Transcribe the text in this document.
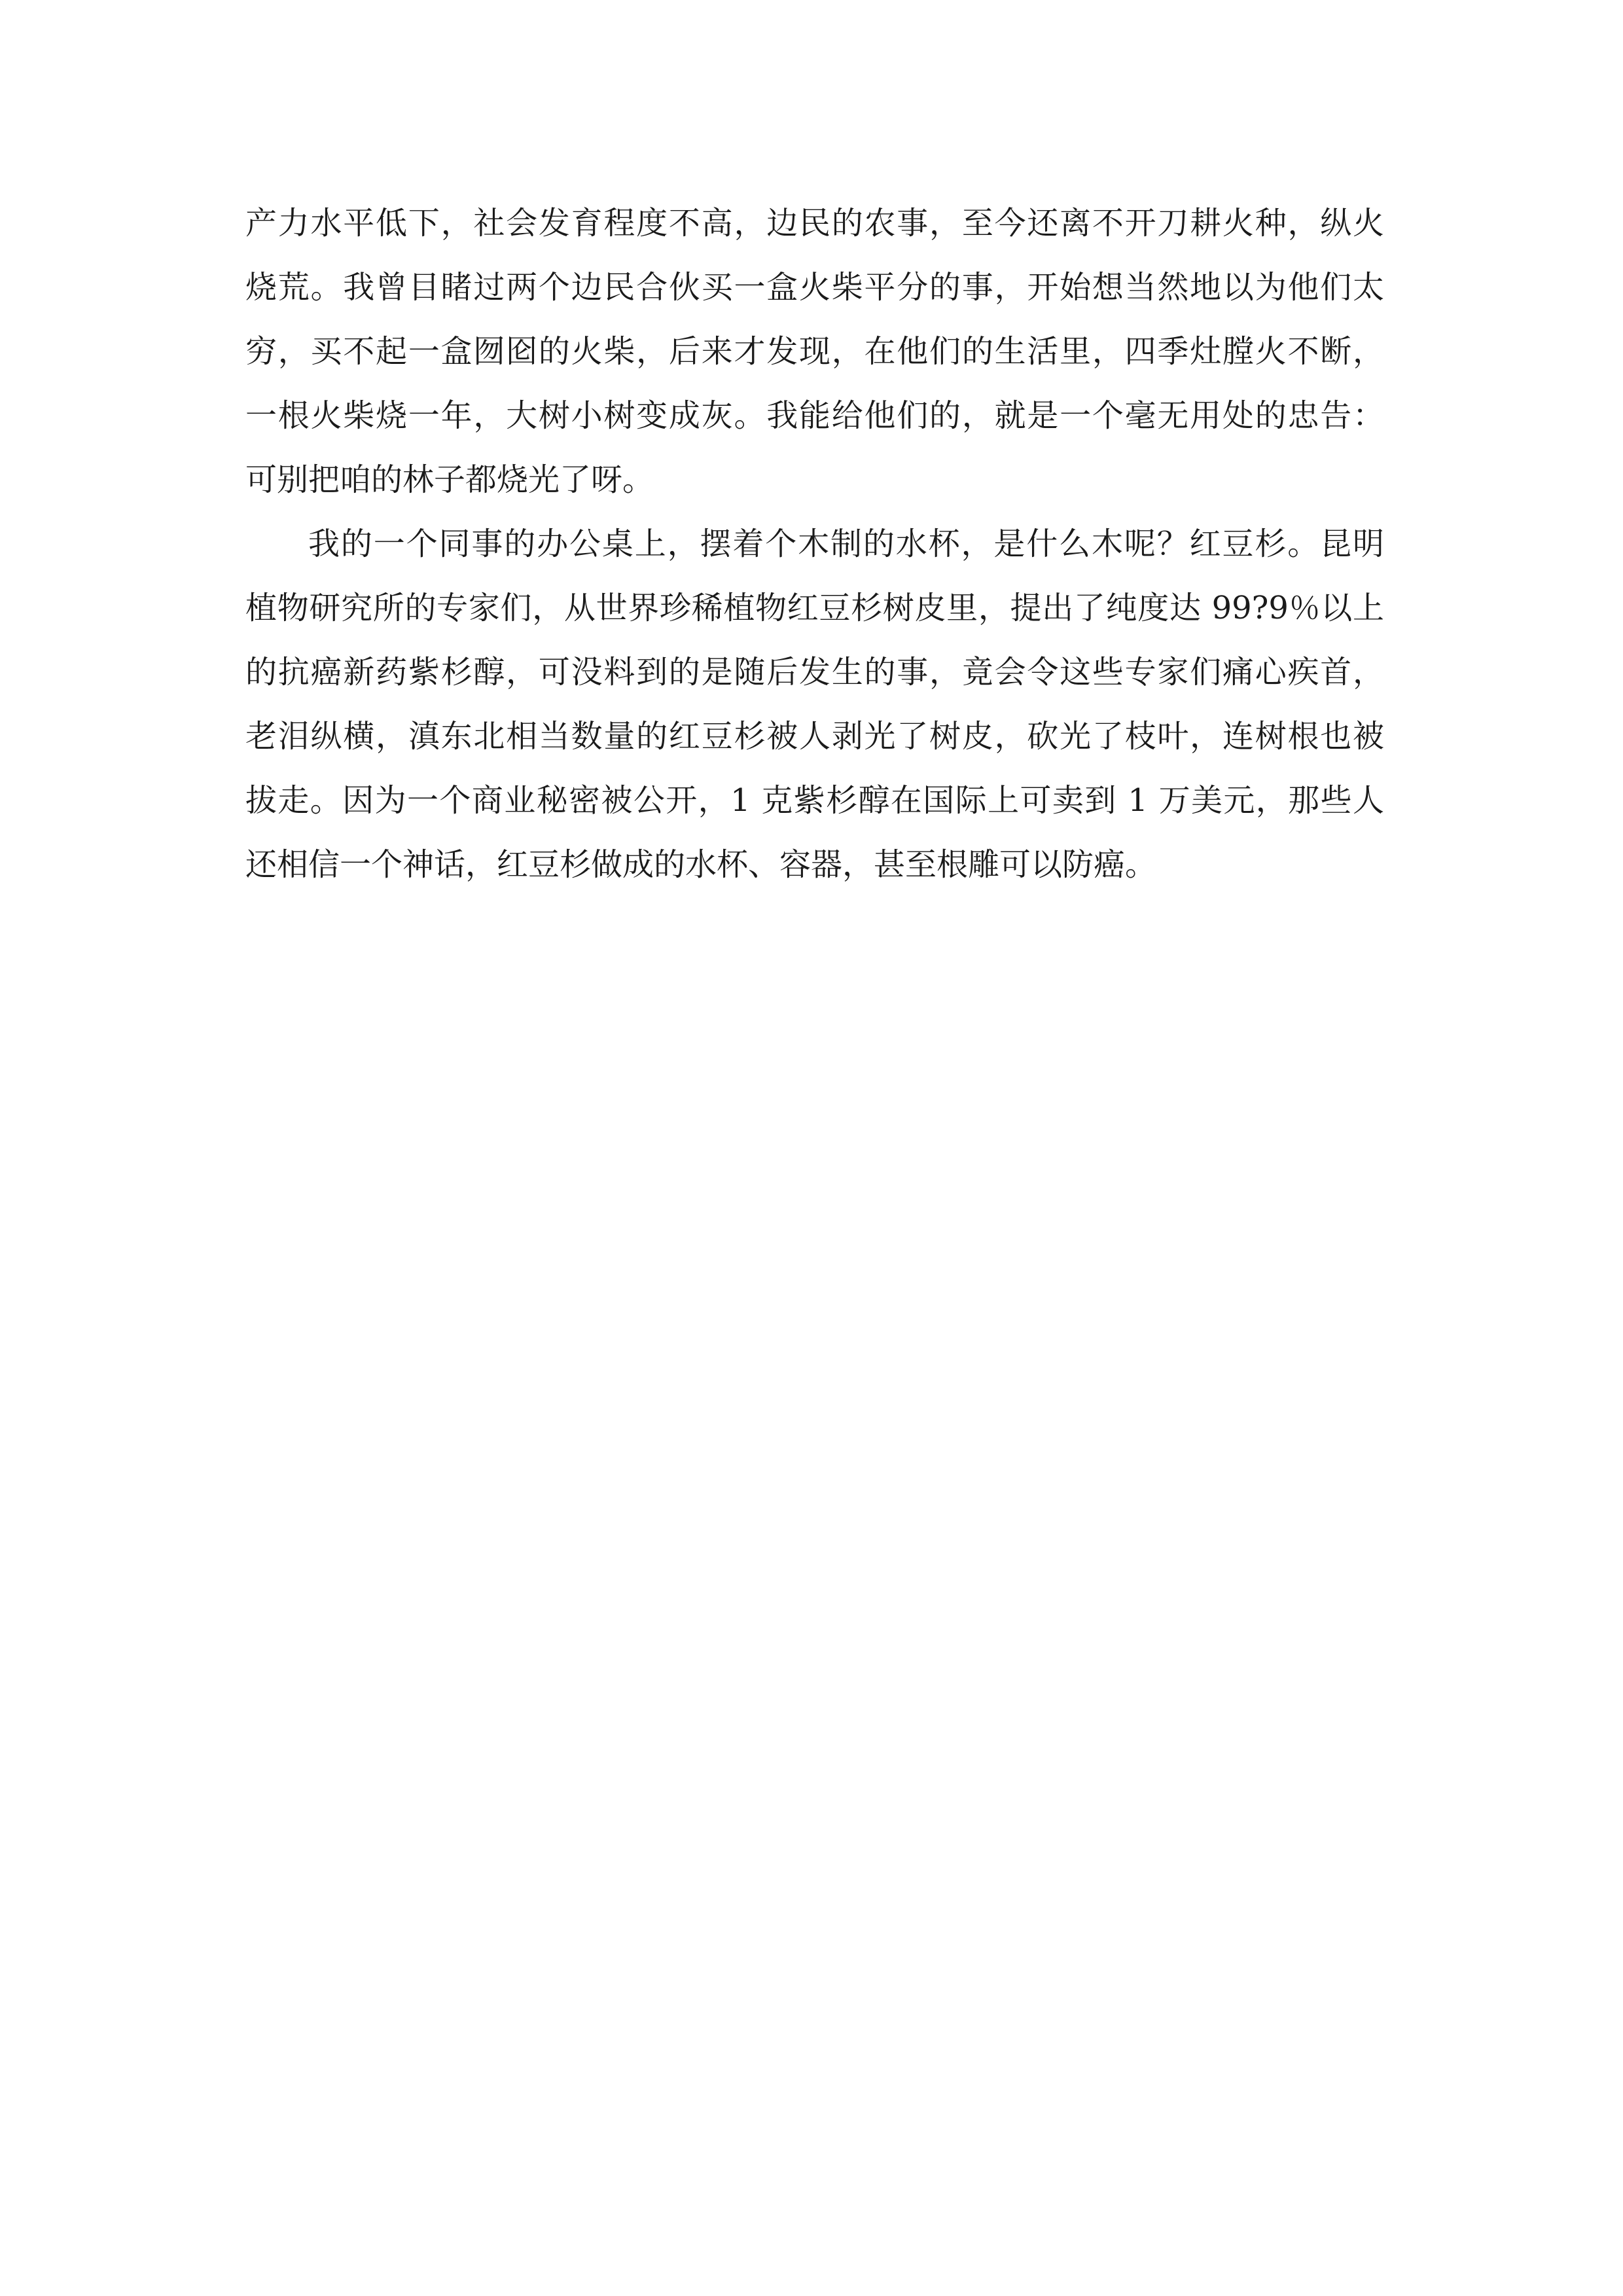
产力水平低下，社会发育程度不高，边民的农事，至今还离不开刀耕火种，纵火
烧荒。我曾目睹过两个边民合伙买一盒火柴平分的事，开始想当然地以为他们太
穷，买不起一盒囫囵的火柴，后来才发现，在他们的生活里，四季灶膛火不断，
一根火柴烧一年，大树小树变成灰。我能给他们的，就是一个毫无用处的忠告：
可别把咱的林子都烧光了呀。
我的一个同事的办公桌上，摆着个木制的水杯，是什么木呢？红豆杉。昆明
植物研究所的专家们，从世界珍稀植物红豆杉树皮里，提出了纯度达 99?9％以上
的抗癌新药紫杉醇，可没料到的是随后发生的事，竟会令这些专家们痛心疾首，
老泪纵横，滇东北相当数量的红豆杉被人剥光了树皮，砍光了枝叶，连树根也被
拔走。因为一个商业秘密被公开，1 克紫杉醇在国际上可卖到 1 万美元，那些人
还相信一个神话，红豆杉做成的水杯、容器，甚至根雕可以防癌。
